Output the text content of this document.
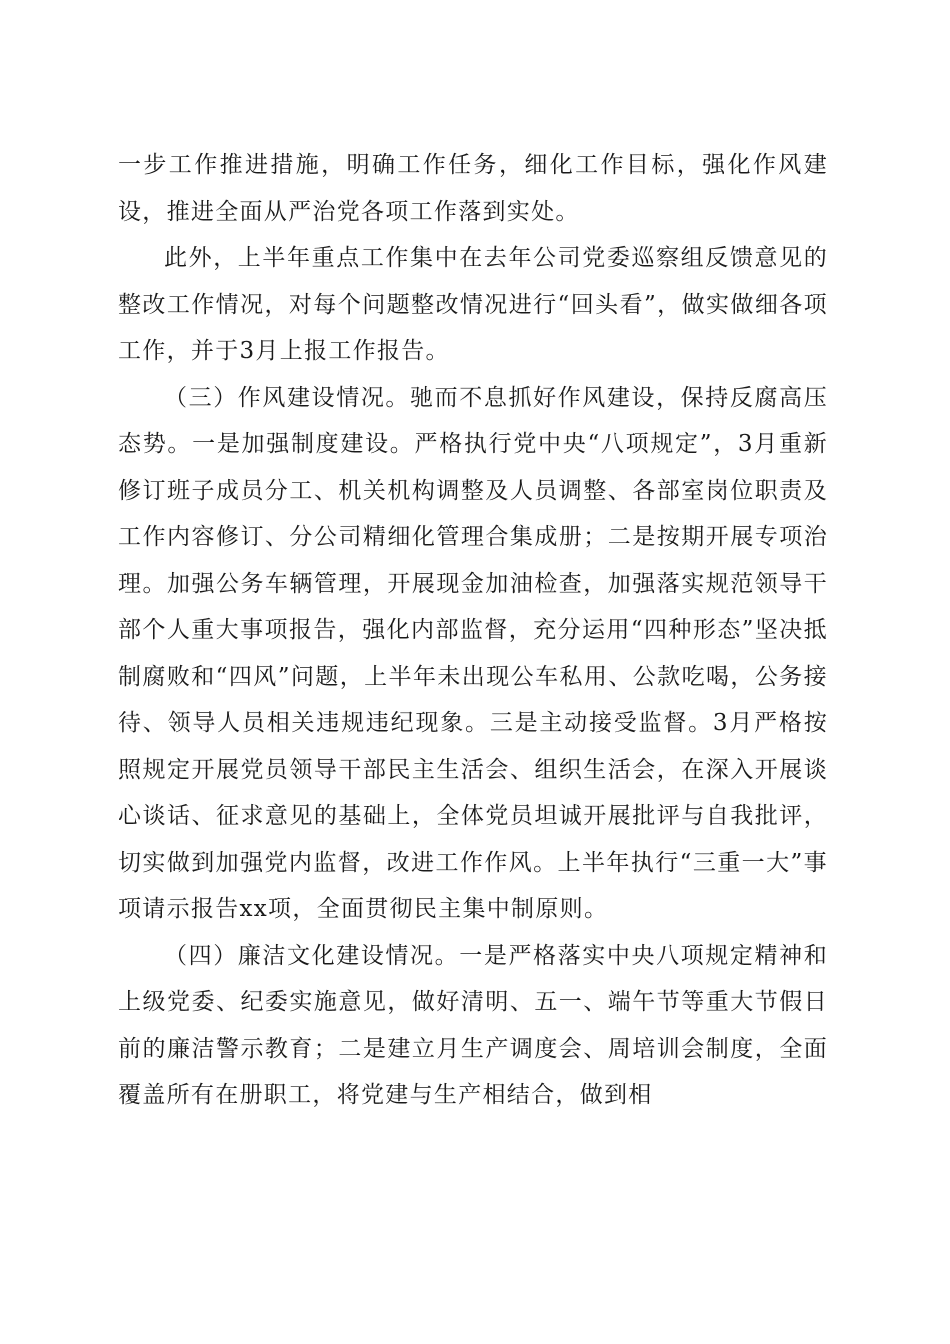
一步工作推进措施，明确工作任务，细化工作目标，强化作风建设，推进全面从严治党各项工作落到实处。

此外，上半年重点工作集中在去年公司党委巡察组反馈意见的整改工作情况，对每个问题整改情况进行“回头看”，做实做细各项工作，并于3月上报工作报告。

（三）作风建设情况。驰而不息抓好作风建设，保持反腐高压态势。一是加强制度建设。严格执行党中央“八项规定”，3月重新修订班子成员分工、机关机构调整及人员调整、各部室岗位职责及工作内容修订、分公司精细化管理合集成册；二是按期开展专项治理。加强公务车辆管理，开展现金加油检查，加强落实规范领导干部个人重大事项报告，强化内部监督，充分运用“四种形态”坚决抵制腐败和“四风”问题，上半年未出现公车私用、公款吃喝，公务接待、领导人员相关违规违纪现象。三是主动接受监督。3月严格按照规定开展党员领导干部民主生活会、组织生活会，在深入开展谈心谈话、征求意见的基础上，全体党员坦诚开展批评与自我批评，切实做到加强党内监督，改进工作作风。上半年执行“三重一大”事项请示报告xx项，全面贯彻民主集中制原则。

（四）廉洁文化建设情况。一是严格落实中央八项规定精神和上级党委、纪委实施意见，做好清明、五一、端午节等重大节假日前的廉洁警示教育；二是建立月生产调度会、周培训会制度，全面覆盖所有在册职工，将党建与生产相结合，做到相
